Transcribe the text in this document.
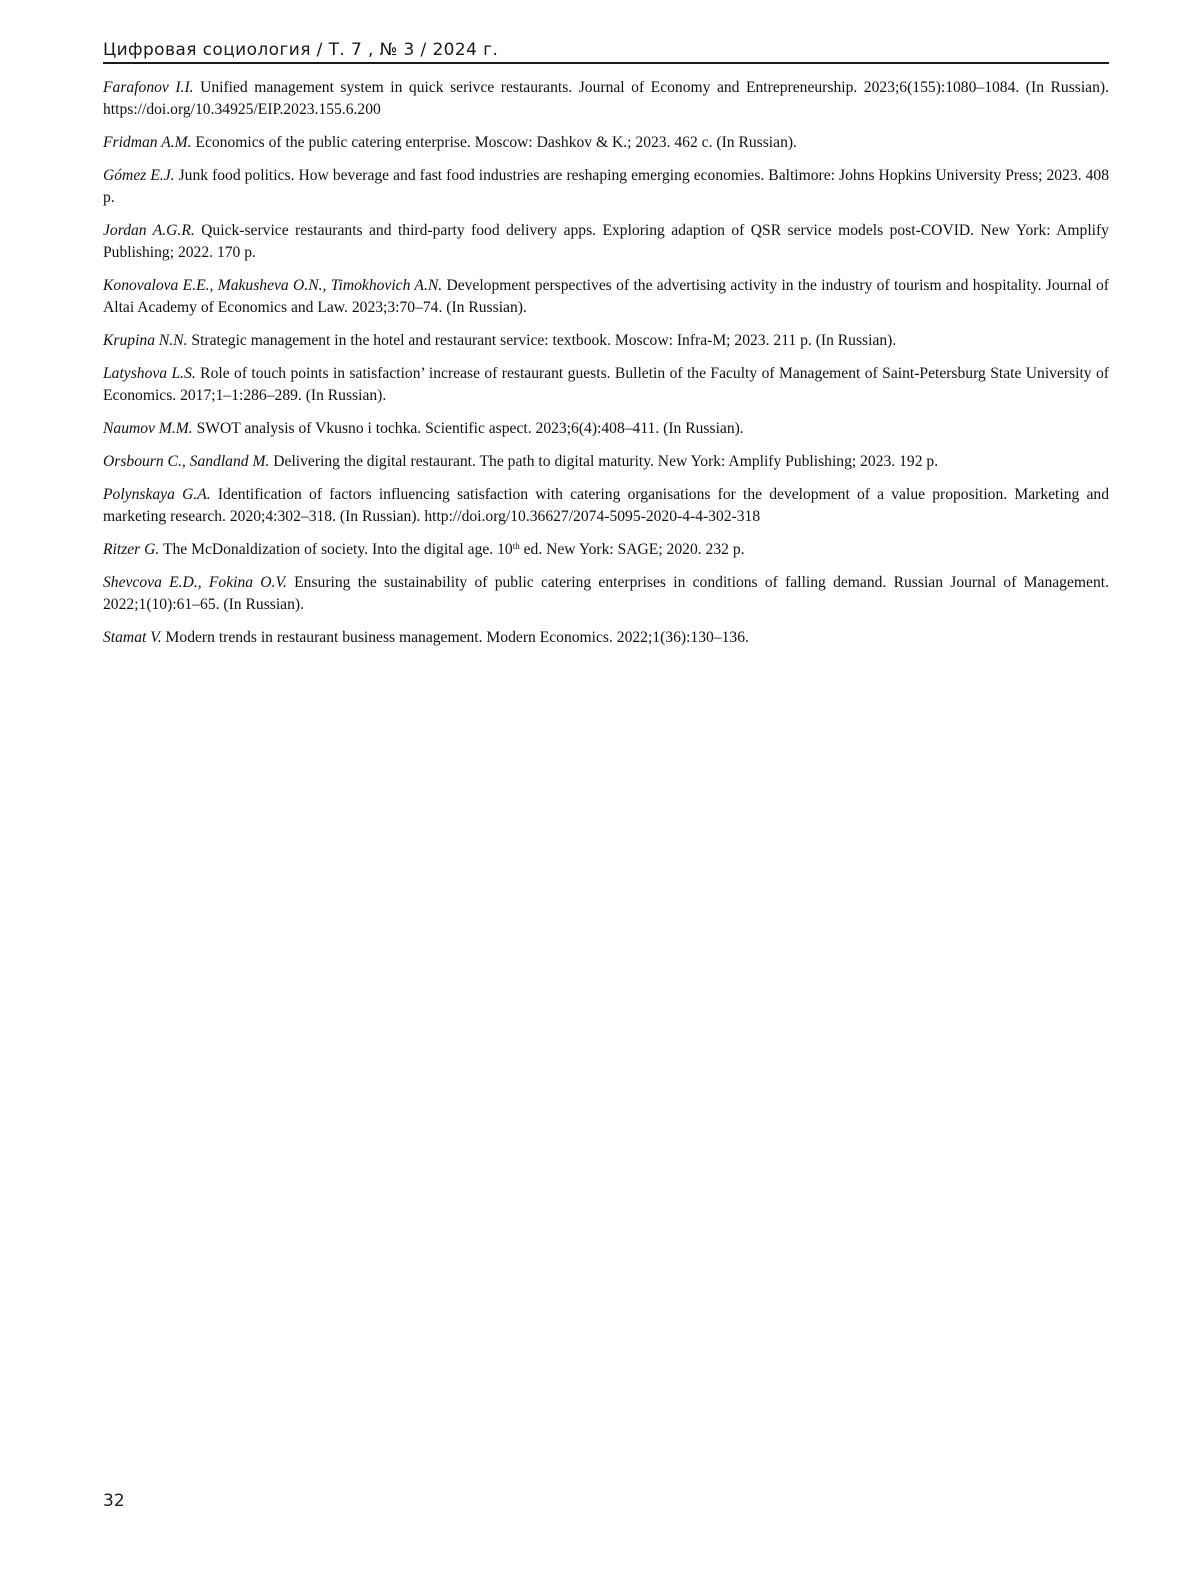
Цифровая социология / Т. 7 , № 3 / 2024 г.

Farafonov I.I. Unified management system in quick serivce restaurants. Journal of Economy and Entrepreneurship. 2023;6(155):1080–1084. (In Russian). https://doi.org/10.34925/EIP.2023.155.6.200

Fridman A.M. Economics of the public catering enterprise. Moscow: Dashkov & K.; 2023. 462 c. (In Russian).

Gómez E.J. Junk food politics. How beverage and fast food industries are reshaping emerging economies. Baltimore: Johns Hopkins University Press; 2023. 408 p.

Jordan A.G.R. Quick-service restaurants and third-party food delivery apps. Exploring adaption of QSR service models post-COVID. New York: Amplify Publishing; 2022. 170 p.

Konovalova E.E., Makusheva O.N., Timokhovich A.N. Development perspectives of the advertising activity in the industry of tourism and hospitality. Journal of Altai Academy of Economics and Law. 2023;3:70–74. (In Russian).

Krupina N.N. Strategic management in the hotel and restaurant service: textbook. Moscow: Infra-M; 2023. 211 p. (In Russian).

Latyshova L.S. Role of touch points in satisfaction’ increase of restaurant guests. Bulletin of the Faculty of Management of Saint-Petersburg State University of Economics. 2017;1–1:286–289. (In Russian).

Naumov M.M. SWOT analysis of Vkusno i tochka. Scientific aspect. 2023;6(4):408–411. (In Russian).

Orsbourn C., Sandland M. Delivering the digital restaurant. The path to digital maturity. New York: Amplify Publishing; 2023. 192 p.

Polynskaya G.A. Identification of factors influencing satisfaction with catering organisations for the development of a value proposition. Marketing and marketing research. 2020;4:302–318. (In Russian). http://doi.org/10.36627/2074-5095-2020-4-4-302-318

Ritzer G. The McDonaldization of society. Into the digital age. 10th ed. New York: SAGE; 2020. 232 p.

Shevcova E.D., Fokina O.V. Ensuring the sustainability of public catering enterprises in conditions of falling demand. Russian Journal of Management. 2022;1(10):61–65. (In Russian).

Stamat V. Modern trends in restaurant business management. Modern Economics. 2022;1(36):130–136.

32
